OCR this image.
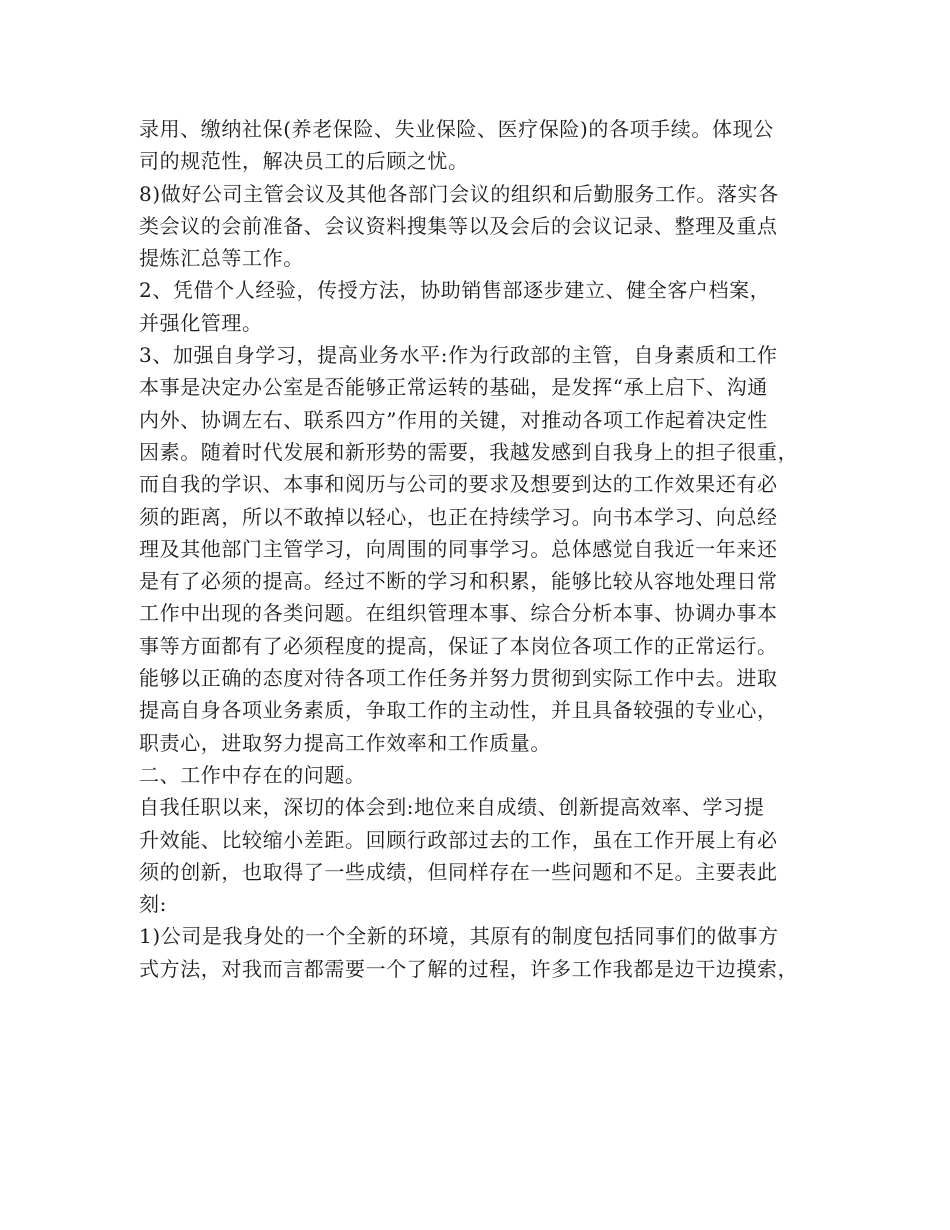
录用、缴纳社保(养老保险、失业保险、医疗保险)的各项手续。体现公
司的规范性，解决员工的后顾之忧。
8)做好公司主管会议及其他各部门会议的组织和后勤服务工作。落实各
类会议的会前准备、会议资料搜集等以及会后的会议记录、整理及重点
提炼汇总等工作。
2、凭借个人经验，传授方法，协助销售部逐步建立、健全客户档案，
并强化管理。
3、加强自身学习，提高业务水平:作为行政部的主管，自身素质和工作
本事是决定办公室是否能够正常运转的基础，是发挥“承上启下、沟通
内外、协调左右、联系四方”作用的关键，对推动各项工作起着决定性
因素。随着时代发展和新形势的需要，我越发感到自我身上的担子很重，
而自我的学识、本事和阅历与公司的要求及想要到达的工作效果还有必
须的距离，所以不敢掉以轻心，也正在持续学习。向书本学习、向总经
理及其他部门主管学习，向周围的同事学习。总体感觉自我近一年来还
是有了必须的提高。经过不断的学习和积累，能够比较从容地处理日常
工作中出现的各类问题。在组织管理本事、综合分析本事、协调办事本
事等方面都有了必须程度的提高，保证了本岗位各项工作的正常运行。
能够以正确的态度对待各项工作任务并努力贯彻到实际工作中去。进取
提高自身各项业务素质，争取工作的主动性，并且具备较强的专业心，
职责心，进取努力提高工作效率和工作质量。
二、工作中存在的问题。
自我任职以来，深切的体会到:地位来自成绩、创新提高效率、学习提
升效能、比较缩小差距。回顾行政部过去的工作，虽在工作开展上有必
须的创新，也取得了一些成绩，但同样存在一些问题和不足。主要表此
刻:
1)公司是我身处的一个全新的环境，其原有的制度包括同事们的做事方
式方法，对我而言都需要一个了解的过程，许多工作我都是边干边摸索，
